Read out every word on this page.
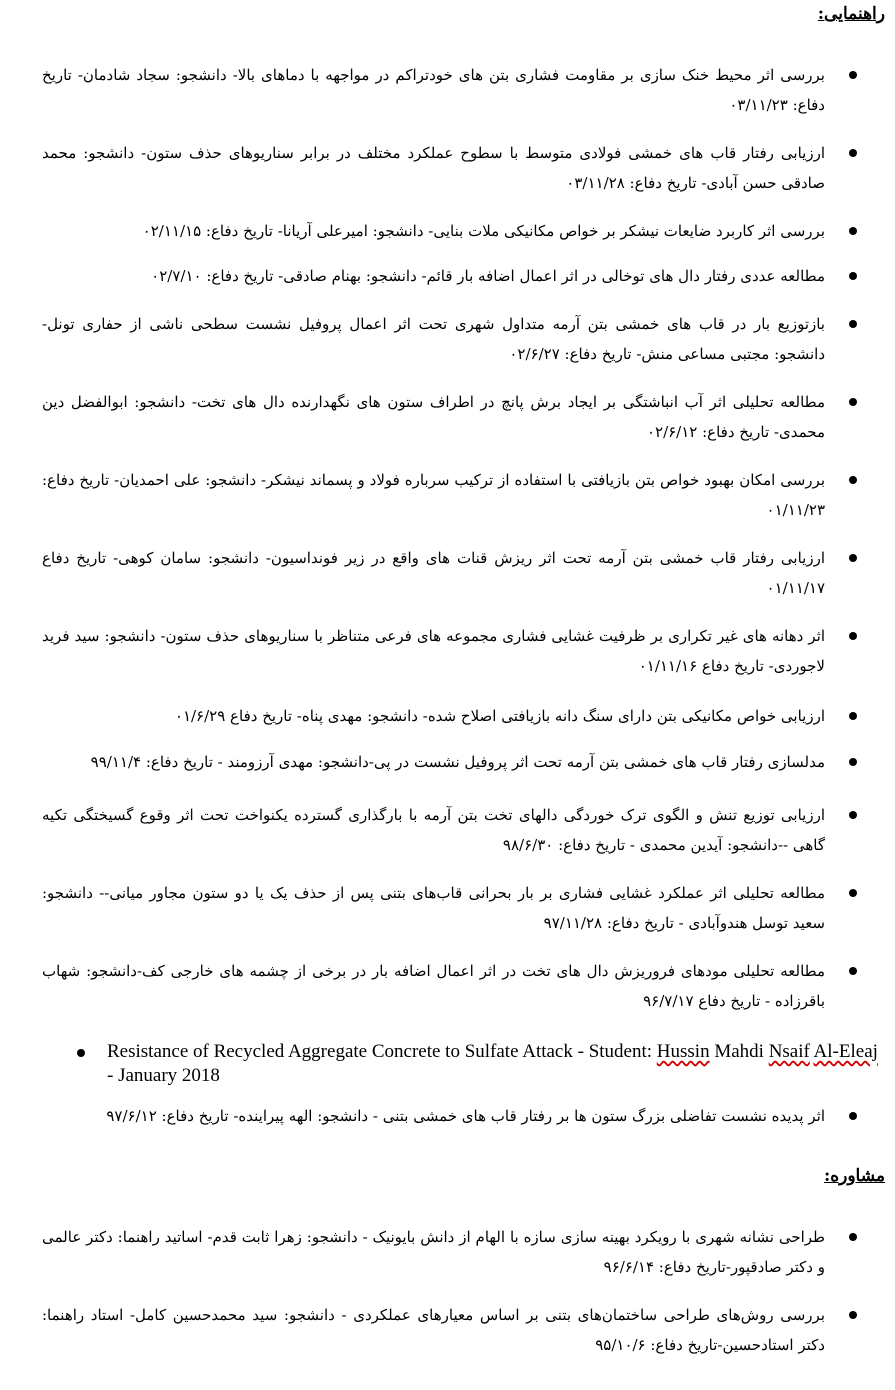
راهنمایی:
بررسی اثر محیط خنک سازی بر مقاومت فشاری بتن های خودتراکم در مواجهه با دماهای بالا- دانشجو: سجاد شادمان- تاریخ دفاع: ۰۳/۱۱/۲۳
ارزیابی رفتار قاب های خمشی فولادی متوسط با سطوح عملکرد مختلف در برابر سناریوهای حذف ستون- دانشجو: محمد صادقی حسن آبادی- تاریخ دفاع: ۰۳/۱۱/۲۸
بررسی اثر کاربرد ضایعات نیشکر بر خواص مکانیکی ملات بنایی- دانشجو: امیرعلی آریانا- تاریخ دفاع: ۰۲/۱۱/۱۵
مطالعه عددی رفتار دال های توخالی در اثر اعمال اضافه بار قائم- دانشجو: بهنام صادقی- تاریخ دفاع: ۰۲/۷/۱۰
بازتوزیع بار در قاب های خمشی بتن آرمه متداول شهری تحت اثر اعمال پروفیل نشست سطحی ناشی از حفاری تونل- دانشجو: مجتبی مساعی منش- تاریخ دفاع: ۰۲/۶/۲۷
مطالعه تحلیلی اثر آب انباشتگی بر ایجاد برش پانچ در اطراف ستون های نگهدارنده دال های تخت- دانشجو: ابوالفضل دین محمدی- تاریخ دفاع: ۰۲/۶/۱۲
بررسی امکان بهبود خواص بتن بازیافتی با استفاده از ترکیب سرباره فولاد و پسماند نیشکر- دانشجو: علی احمدیان- تاریخ دفاع: ۰۱/۱۱/۲۳
ارزیابی رفتار قاب خمشی بتن آرمه تحت اثر ریزش قنات های واقع در زیر فونداسیون- دانشجو: سامان کوهی- تاریخ دفاع ۰۱/۱۱/۱۷
اثر دهانه های غیر تکراری بر ظرفیت غشایی فشاری مجموعه های فرعی متناظر با سناریوهای حذف ستون- دانشجو: سید فرید لاجوردی- تاریخ دفاع ۰۱/۱۱/۱۶
ارزیابی خواص مکانیکی بتن دارای سنگ دانه بازیافتی اصلاح شده- دانشجو: مهدی پناه- تاریخ دفاع ۰۱/۶/۲۹
مدلسازی رفتار قاب های خمشی بتن آرمه تحت اثر پروفیل نشست در پی-دانشجو: مهدی آرزومند - تاریخ دفاع: ۹۹/۱۱/۴
ارزیابی توزیع تنش و الگوی ترک خوردگی دالهای تخت بتن آرمه با بارگذاری گسترده یکنواخت تحت اثر وقوع گسیختگی تکیه گاهی --دانشجو: آیدین محمدی - تاریخ دفاع: ۹۸/۶/۳۰
مطالعه تحلیلی اثر عملکرد غشایی فشاری بر بار بحرانی قاب‌های بتنی پس از حذف یک یا دو ستون مجاور میانی-- دانشجو: سعید توسل هندوآبادی - تاریخ دفاع: ۹۷/۱۱/۲۸
مطالعه تحلیلی مودهای فروریزش دال های تخت در اثر اعمال اضافه بار در برخی از چشمه های خارجی کف-دانشجو: شهاب باقرزاده - تاریخ دفاع ۹۶/۷/۱۷
Resistance of Recycled Aggregate Concrete to Sulfate Attack - Student: Hussin Mahdi Nsaif Al-Eleaj - January 2018
اثر پدیده نشست تفاضلی بزرگ ستون ها بر رفتار قاب های خمشی بتنی - دانشجو: الهه پیراینده- تاریخ دفاع: ۹۷/۶/۱۲
مشاوره:
طراحی نشانه شهری با رویکرد بهینه سازی سازه با الهام از دانش بایونیک - دانشجو: زهرا ثابت قدم- اساتید راهنما: دکتر عالمی و دکتر صادقپور-تاریخ دفاع: ۹۶/۶/۱۴
بررسی روش‌های طراحی ساختمان‌های بتنی بر اساس معیارهای عملکردی - دانشجو: سید محمدحسین کامل- استاد راهنما: دکتر استادحسین-تاریخ دفاع: ۹۵/۱۰/۶
